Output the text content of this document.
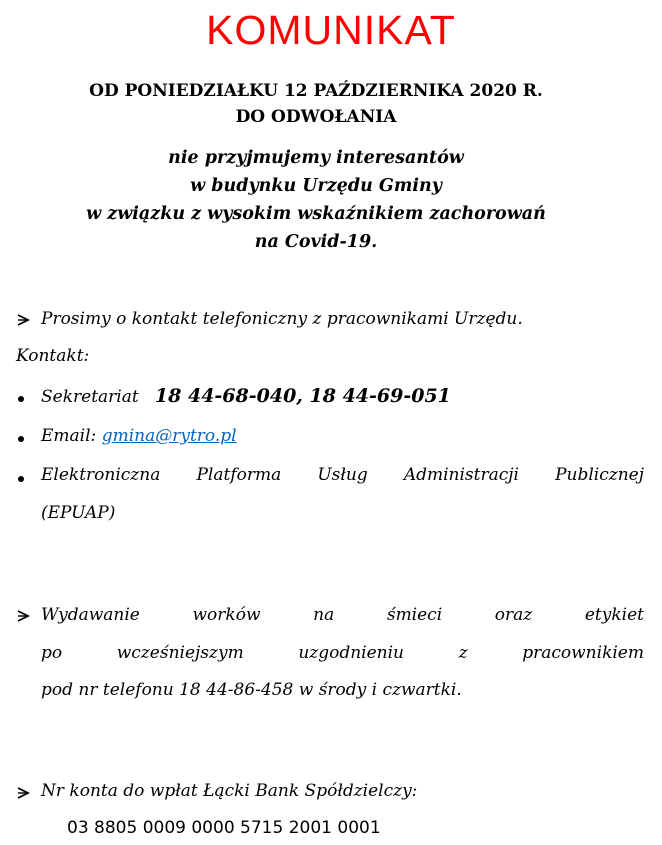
KOMUNIKAT
OD PONIEDZIAŁKU 12 PAŹDZIERNIKA 2020 R.
DO ODWOŁANIA
nie przyjmujemy interesantów
w budynku Urzędu Gminy
w związku z wysokim wskaźnikiem zachorowań
na Covid-19.
Prosimy o kontakt telefoniczny z pracownikami Urzędu.
Kontakt:
Sekretariat 18 44-68-040, 18 44-69-051
Email: gmina@rytro.pl
Elektroniczna Platforma Usług Administracji Publicznej
(EPUAP)
Wydawanie worków na śmieci oraz etykiet
po wcześniejszym uzgodnieniu z pracownikiem
pod nr telefonu 18 44-86-458 w środy i czwartki.
Nr konta do wpłat Łącki Bank Spółdzielczy:
03 8805 0009 0000 5715 2001 0001
